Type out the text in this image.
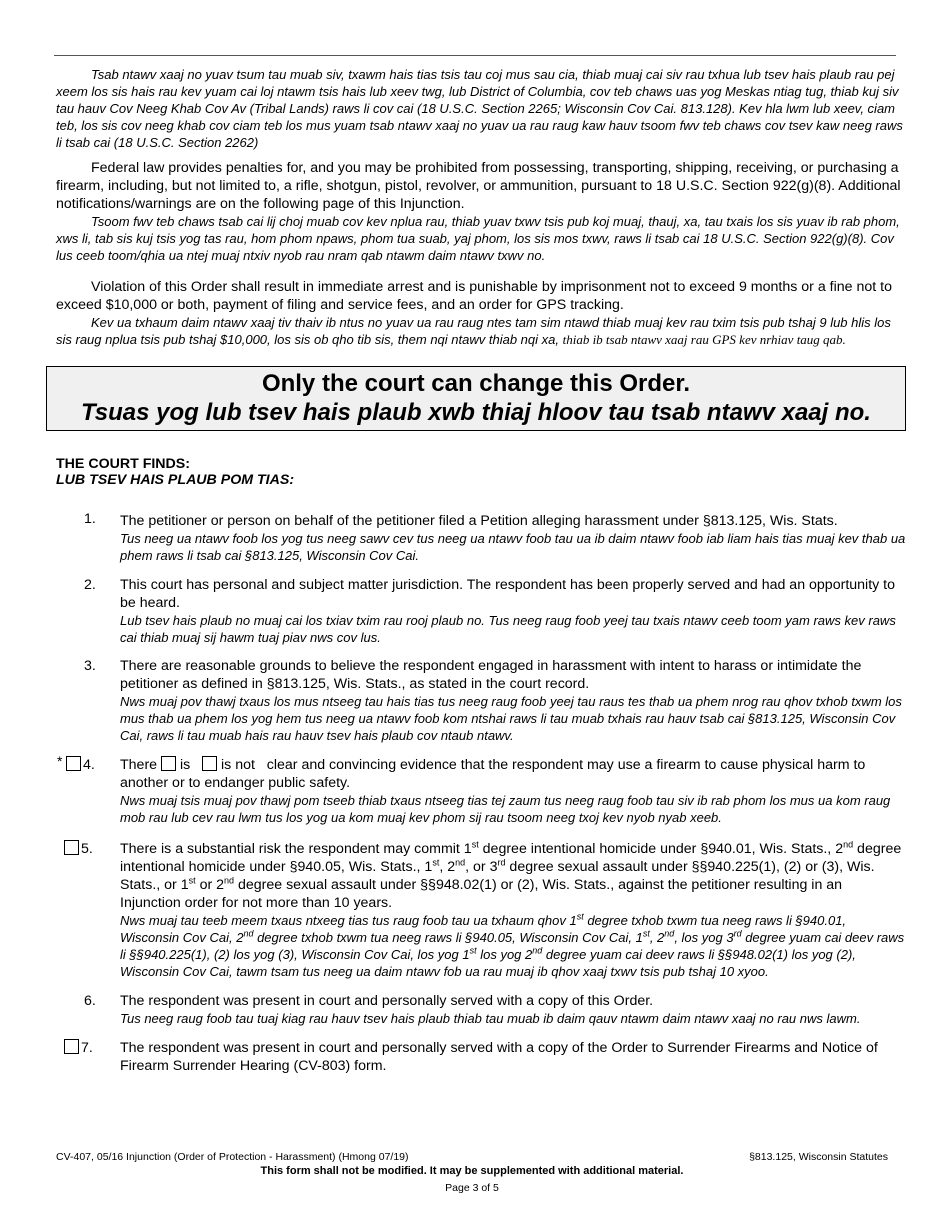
Tsab ntawv xaaj no yuav tsum tau muab siv, txawm hais tias tsis tau coj mus sau cia, thiab muaj cai siv rau txhua lub tsev hais plaub rau pej xeem los sis hais rau kev yuam cai loj ntawm tsis hais lub xeev twg, lub District of Columbia, cov teb chaws uas yog Meskas ntiag tug, thiab kuj siv tau hauv Cov Neeg Khab Cov Av (Tribal Lands) raws li cov cai (18 U.S.C. Section 2265; Wisconsin Cov Cai. 813.128). Kev hla lwm lub xeev, ciam teb, los sis cov neeg khab cov ciam teb los mus yuam tsab ntawv xaaj no yuav ua rau raug kaw hauv tsoom fwv teb chaws cov tsev kaw neeg raws li tsab cai (18 U.S.C. Section 2262)

Federal law provides penalties for, and you may be prohibited from possessing, transporting, shipping, receiving, or purchasing a firearm, including, but not limited to, a rifle, shotgun, pistol, revolver, or ammunition, pursuant to 18 U.S.C. Section 922(g)(8). Additional notifications/warnings are on the following page of this Injunction.

Tsoom fwv teb chaws tsab cai lij choj muab cov kev nplua rau, thiab yuav txwv tsis pub koj muaj, thauj, xa, tau txais los sis yuav ib rab phom, xws li, tab sis kuj tsis yog tas rau, hom phom npaws, phom tua suab, yaj phom, los sis mos txwv, raws li tsab cai 18 U.S.C. Section 922(g)(8). Cov lus ceeb toom/qhia ua ntej muaj ntxiv nyob rau nram qab ntawm daim ntawv txwv no.

Violation of this Order shall result in immediate arrest and is punishable by imprisonment not to exceed 9 months or a fine not to exceed $10,000 or both, payment of filing and service fees, and an order for GPS tracking.

Kev ua txhaum daim ntawv xaaj tiv thaiv ib ntus no yuav ua rau raug ntes tam sim ntawd thiab muaj kev rau txim tsis pub tshaj 9 lub hlis los sis raug nplua tsis pub tshaj $10,000, los sis ob qho tib sis, them nqi ntawv thiab nqi xa, thiab ib tsab ntawv xaaj rau GPS kev nrhiav taug qab.

Only the court can change this Order.
Tsuas yog lub tsev hais plaub xwb thiaj hloov tau tsab ntawv xaaj no.
THE COURT FINDS:
LUB TSEV HAIS PLAUB POM TIAS:
1. The petitioner or person on behalf of the petitioner filed a Petition alleging harassment under §813.125, Wis. Stats.

Tus neeg ua ntawv foob los yog tus neeg sawv cev tus neeg ua ntawv foob tau ua ib daim ntawv foob iab liam hais tias muaj kev thab ua phem raws li tsab cai §813.125, Wisconsin Cov Cai.

2. This court has personal and subject matter jurisdiction. The respondent has been properly served and had an opportunity to be heard.

Lub tsev hais plaub no muaj cai los txiav txim rau rooj plaub no. Tus neeg raug foob yeej tau txais ntawv ceeb toom yam raws kev raws cai thiab muaj sij hawm tuaj piav nws cov lus.

3. There are reasonable grounds to believe the respondent engaged in harassment with intent to harass or intimidate the petitioner as defined in §813.125, Wis. Stats., as stated in the court record.

Nws muaj pov thawj txaus los mus ntseeg tau hais tias tus neeg raug foob yeej tau raus tes thab ua phem nrog rau qhov txhob txwm los mus thab ua phem los yog hem tus neeg ua ntawv foob kom ntshai raws li tau muab txhais rau hauv tsab cai §813.125, Wisconsin Cov Cai, raws li tau muab hais rau hauv tsev hais plaub cov ntaub ntawv.

* 4. There is is not clear and convincing evidence that the respondent may use a firearm to cause physical harm to another or to endanger public safety.

Nws muaj tsis muaj pov thawj pom tseeb thiab txaus ntseeg tias tej zaum tus neeg raug foob tau siv ib rab phom los mus ua kom raug mob rau lub cev rau lwm tus los yog ua kom muaj kev phom sij rau tsoom neeg txoj kev nyob nyab xeeb.

5. There is a substantial risk the respondent may commit 1st degree intentional homicide under §940.01, Wis. Stats., 2nd degree intentional homicide under §940.05, Wis. Stats., 1st, 2nd, or 3rd degree sexual assault under §§940.225(1), (2) or (3), Wis. Stats., or 1st or 2nd degree sexual assault under §§948.02(1) or (2), Wis. Stats., against the petitioner resulting in an Injunction order for not more than 10 years.

Nws muaj tau teeb meem txaus ntxeeg tias tus raug foob tau ua txhaum qhov 1st degree txhob txwm tua neeg raws li §940.01, Wisconsin Cov Cai, 2nd degree txhob txwm tua neeg raws li §940.05, Wisconsin Cov Cai, 1st, 2nd, los yog 3rd degree yuam cai deev raws li §§940.225(1), (2) los yog (3), Wisconsin Cov Cai, los yog 1st los yog 2nd degree yuam cai deev raws li §§948.02(1) los yog (2), Wisconsin Cov Cai, tawm tsam tus neeg ua daim ntawv fob ua rau muaj ib qhov xaaj txwv tsis pub tshaj 10 xyoo.

6. The respondent was present in court and personally served with a copy of this Order.

Tus neeg raug foob tau tuaj kiag rau hauv tsev hais plaub thiab tau muab ib daim qauv ntawm daim ntawv xaaj no rau nws lawm.

7. The respondent was present in court and personally served with a copy of the Order to Surrender Firearms and Notice of Firearm Surrender Hearing (CV-803) form.

CV-407, 05/16 Injunction (Order of Protection - Harassment) (Hmong 07/19)	§813.125, Wisconsin Statutes
This form shall not be modified. It may be supplemented with additional material.
Page 3 of 5
